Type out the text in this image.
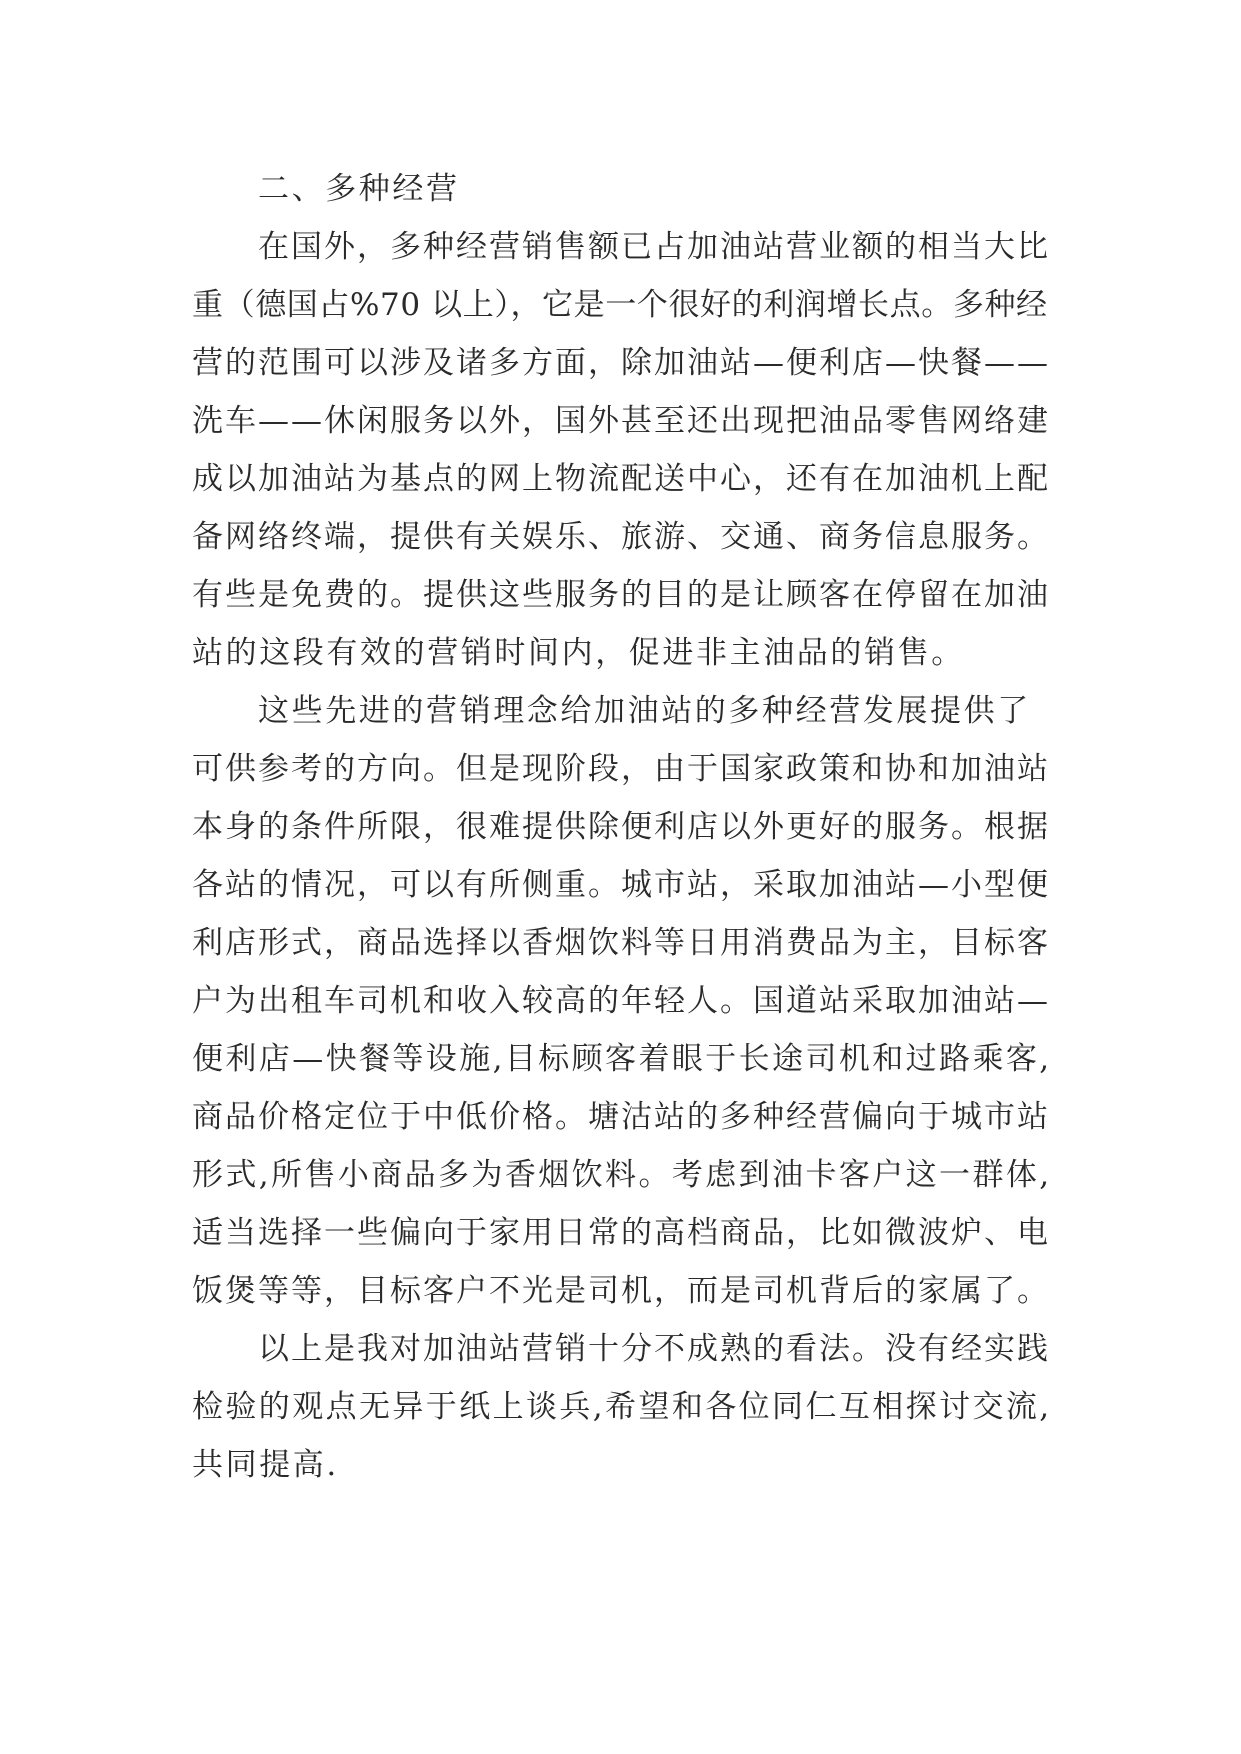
二、多种经营
在国外，多种经营销售额已占加油站营业额的相当大比
重（德国占%70 以上），它是一个很好的利润增长点。多种经
营的范围可以涉及诸多方面，除加油站—便利店—快餐——
洗车——休闲服务以外，国外甚至还出现把油品零售网络建
成以加油站为基点的网上物流配送中心，还有在加油机上配
备网络终端，提供有关娱乐、旅游、交通、商务信息服务。
有些是免费的。提供这些服务的目的是让顾客在停留在加油
站的这段有效的营销时间内，促进非主油品的销售。
这些先进的营销理念给加油站的多种经营发展提供了
可供参考的方向。但是现阶段，由于国家政策和协和加油站
本身的条件所限，很难提供除便利店以外更好的服务。根据
各站的情况，可以有所侧重。城市站，采取加油站—小型便
利店形式，商品选择以香烟饮料等日用消费品为主，目标客
户为出租车司机和收入较高的年轻人。国道站采取加油站—
便利店—快餐等设施,目标顾客着眼于长途司机和过路乘客,
商品价格定位于中低价格。塘沽站的多种经营偏向于城市站
形式,所售小商品多为香烟饮料。考虑到油卡客户这一群体,
适当选择一些偏向于家用日常的高档商品，比如微波炉、电
饭煲等等，目标客户不光是司机，而是司机背后的家属了。
以上是我对加油站营销十分不成熟的看法。没有经实践
检验的观点无异于纸上谈兵,希望和各位同仁互相探讨交流,
共同提高.
